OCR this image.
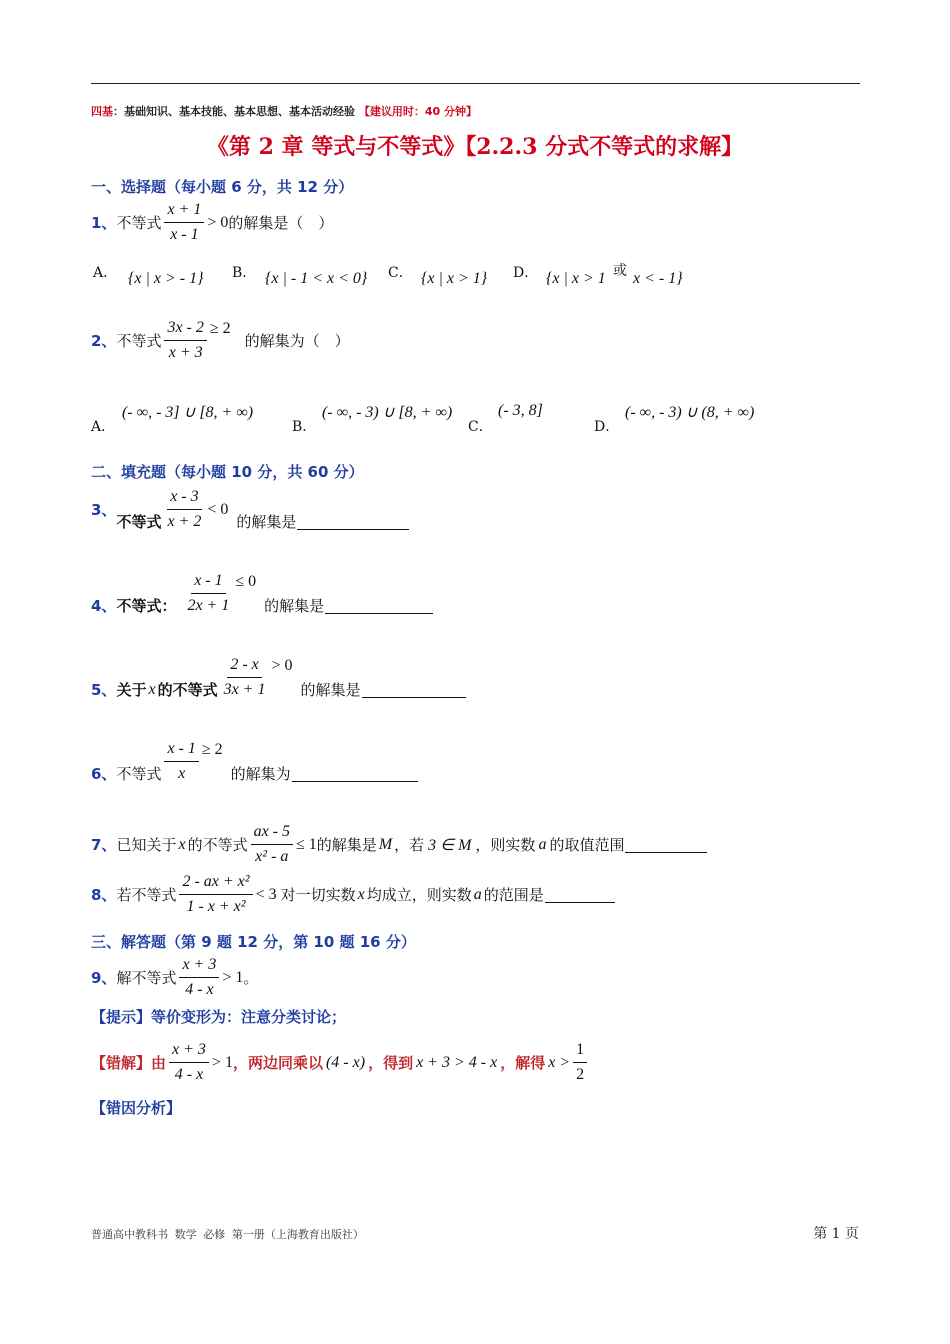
四基：基础知识、基本技能、基本思想、基本活动经验 【建议用时：40 分钟】
《第 2 章 等式与不等式》【2.2.3 分式不等式的求解】
一、选择题（每小题 6 分，共 12 分）
1、 不等式 $\frac{x + 1}{x - 1} > 0$ 的解集是（　）
A． {x | x > - 1} B． {x | - 1 < x < 0} C． {x | x > 1} D． {x | x > 1 或 x < - 1}
2、 不等式 $\frac{3x - 2}{x + 3} \ge 2$
的解集为（　）
A．
(- ∞, - 3] ∪ [8, + ∞)
B．
(- ∞, - 3) ∪ [8, + ∞)
C．
(- 3, 8]
D．
(- ∞, - 3) ∪ (8, + ∞)
二、填充题（每小题 10 分，共 60 分）
3、
不等式 $\frac{x - 3}{x + 2} < 0$
的解集是
4、 不等式： $\frac{x - 1}{2x + 1} \le 0$
的解集是
5、 关于 x 的不等式 $\frac{2 - x}{3x + 1} > 0$
的解集是
6、 不等式 $\frac{x - 1}{x} \ge 2$
的解集为
7、 已知关于 x 的不等式 $\frac{ax - 5}{\text{x² - a}} \le 1$ 的解集是 M ，若 3 ∈ M ，则实数 a 的取值范围
8、 若不等式 $\frac{\text{2 - ax + x²}}{\text{1 - x + x²}} < 3$ 对一切实数 x 均成立，则实数 a 的范围是
三、解答题（第 9 题 12 分，第 10 题 16 分）
9、 解不等式 $\frac{x + 3}{4 - x} > 1$ 。
【提示】等价变形为：注意分类讨论；
【错解】由 $\frac{x + 3}{4 - x} > 1$ ，两边同乘以 (4 - x) ，得到 x + 3 > 4 - x ，解得 $x > \frac{1}{2}$
【错因分析】
普通高中教科书 数学 必修 第一册（上海教育出版社）	第 1 页
